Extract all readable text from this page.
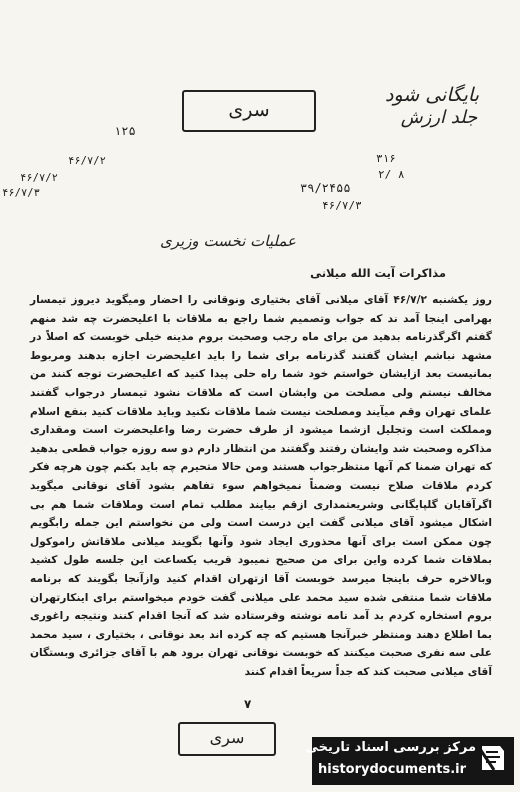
بایگانی شود
جلد ارزش
سری
۱۲۵
۳۱۶
۲/ ۸
۴۶/۷/۲
۴۶/۷/۲
۴۶/۷/۳	۳۹/۲۴۵۵
۴۶/۷/۳
عملیات نخست وزیری
مذاکرات آیت الله میلانی

روز یکشنبه ۴۶/۷/۲ آقای میلانی آقای بختیاری ونوقانی را احضار وميگويد دیروز تیمسار بهرامی اینجا آمد ند که جواب وتصمیم شما راجع به ملاقات با اعلیحضرت چه شد منهم گفتم اگرگذرنامه بدهید من برای ماه رجب وصحبت بروم مدینه خیلی خوبست که اصلاً در مشهد نباشم ایشان گفتند گذرنامه برای شما را باید اعلیحضرت اجازه بدهند ومربوط بمانیست بعد ازایشان خواستم خود شما راه حلی پیدا کنید که اعلیحضرت توجه کنند من مخالف نیستم ولی مصلحت من وایشان است که ملاقات نشود تیمسار درجواب گفتند علمای تهران وقم میآیند ومصلحت نیست شما ملاقات نکنید وباید ملاقات کنید بنفع اسلام ومملکت است وتجلیل ازشما میشود از طرف حضرت رضا واعلیحضرت است ومقداری مذاکره وصحبت شد وایشان رفتند وگفتند من انتظار دارم دو سه روزه جواب قطعی بدهید که تهران ضمنا کم آنها منتظرجواب هستند ومن حالا متحیرم چه باید بکنم چون هرچه فکر کردم ملاقات صلاح نیست وضمناً نمیخواهم سوء تفاهم بشود آقای نوقانی میگوید اگرآقایان گلپایگانی وشریعتمداری ازقم بیایند مطلب تمام است وملاقات شما هم بی اشکال میشود آقای میلانی گفت این درست است ولی من نخواستم این جمله رابگویم چون ممکن است برای آنها محذوری ایجاد شود وآنها بگویند میلانی ملاقاتش راموکول بملاقات شما کرده واین برای من صحیح نمیبود قریب یکساعت این جلسه طول کشید وبالاخره حرف باینجا میرسد خوبست آقا ازتهران اقدام کنید وازآنجا بگویند که برنامه ملاقات شما منتفی شده سید محمد علی میلانی گفت خودم میخواستم برای اینکارتهران بروم استخاره کردم بد آمد نامه نوشته وفرستاده شد که آنجا اقدام کنند ونتیجه راغوری بما اطلاع دهند ومنتظر خبرآنجا هستیم که چه کرده اند بعد نوقانی ، بختیاری ، سید محمد علی سه نفری صحبت میکنند که خوبست نوقانی تهران برود هم با آقای جزائری وبستگان آقای میلانی صحبت کند که جداً سریعاً اقدام کنند

۷
سری
مرکز بررسی اسناد تاریخی
historydocuments.ir
